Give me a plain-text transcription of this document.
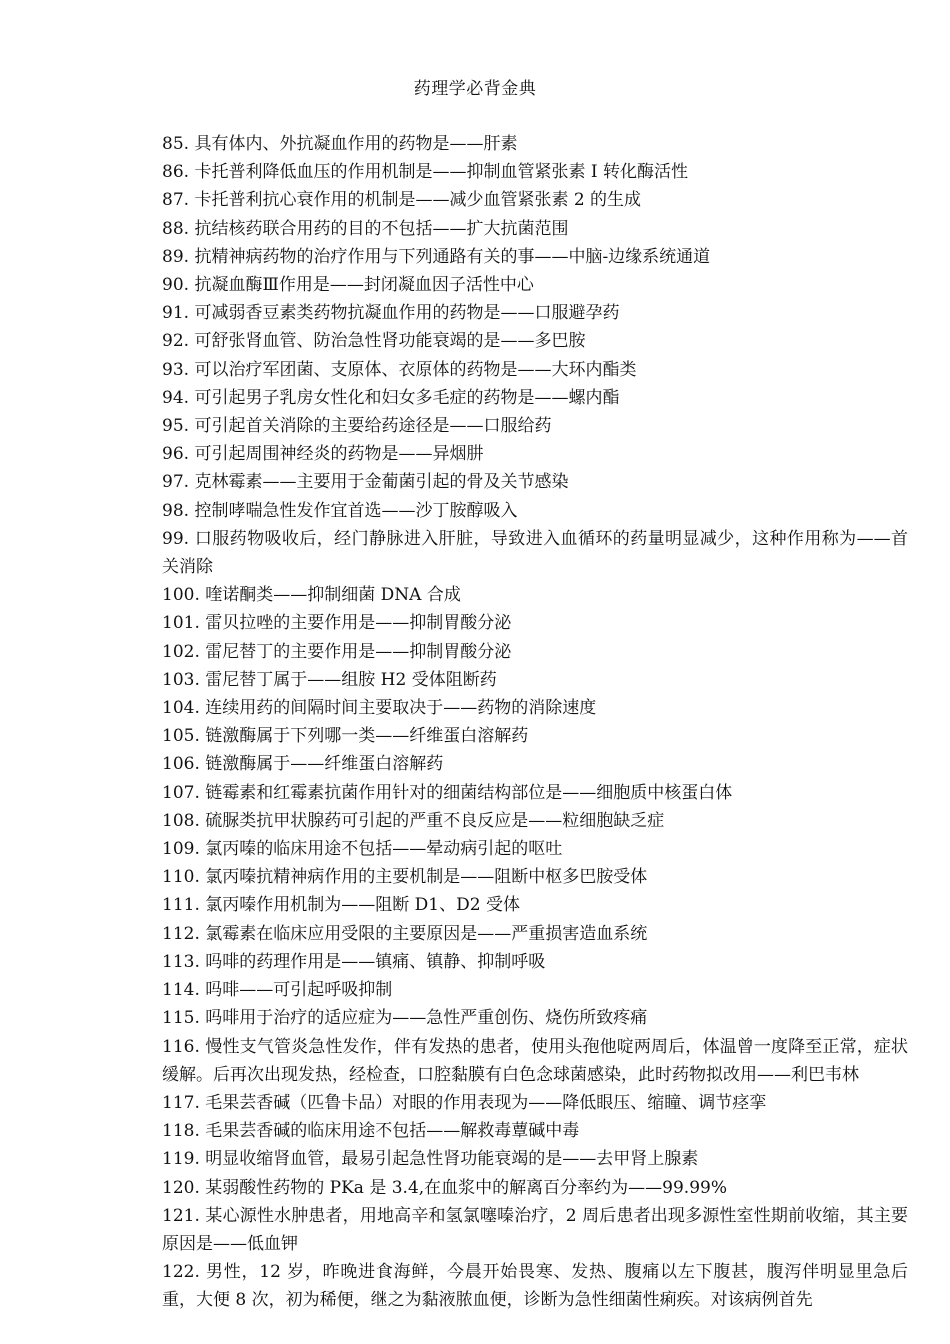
药理学必背金典
85. 具有体内、外抗凝血作用的药物是——肝素
86. 卡托普利降低血压的作用机制是——抑制血管紧张素 I 转化酶活性
87. 卡托普利抗心衰作用的机制是——减少血管紧张素 2 的生成
88. 抗结核药联合用药的目的不包括——扩大抗菌范围
89. 抗精神病药物的治疗作用与下列通路有关的事——中脑-边缘系统通道
90. 抗凝血酶Ⅲ作用是——封闭凝血因子活性中心
91. 可减弱香豆素类药物抗凝血作用的药物是——口服避孕药
92. 可舒张肾血管、防治急性肾功能衰竭的是——多巴胺
93. 可以治疗军团菌、支原体、衣原体的药物是——大环内酯类
94. 可引起男子乳房女性化和妇女多毛症的药物是——螺内酯
95. 可引起首关消除的主要给药途径是——口服给药
96. 可引起周围神经炎的药物是——异烟肼
97. 克林霉素——主要用于金葡菌引起的骨及关节感染
98. 控制哮喘急性发作宜首选——沙丁胺醇吸入
99. 口服药物吸收后，经门静脉进入肝脏，导致进入血循环的药量明显减少，这种作用称为——首关消除
100. 喹诺酮类——抑制细菌 DNA 合成
101. 雷贝拉唑的主要作用是——抑制胃酸分泌
102. 雷尼替丁的主要作用是——抑制胃酸分泌
103. 雷尼替丁属于——组胺 H2 受体阻断药
104. 连续用药的间隔时间主要取决于——药物的消除速度
105. 链激酶属于下列哪一类——纤维蛋白溶解药
106. 链激酶属于——纤维蛋白溶解药
107. 链霉素和红霉素抗菌作用针对的细菌结构部位是——细胞质中核蛋白体
108. 硫脲类抗甲状腺药可引起的严重不良反应是——粒细胞缺乏症
109. 氯丙嗪的临床用途不包括——晕动病引起的呕吐
110. 氯丙嗪抗精神病作用的主要机制是——阻断中枢多巴胺受体
111. 氯丙嗪作用机制为——阻断 D1、D2 受体
112. 氯霉素在临床应用受限的主要原因是——严重损害造血系统
113. 吗啡的药理作用是——镇痛、镇静、抑制呼吸
114. 吗啡——可引起呼吸抑制
115. 吗啡用于治疗的适应症为——急性严重创伤、烧伤所致疼痛
116. 慢性支气管炎急性发作，伴有发热的患者，使用头孢他啶两周后，体温曾一度降至正常，症状缓解。后再次出现发热，经检查，口腔黏膜有白色念球菌感染，此时药物拟改用——利巴韦林
117. 毛果芸香碱（匹鲁卡品）对眼的作用表现为——降低眼压、缩瞳、调节痉挛
118. 毛果芸香碱的临床用途不包括——解救毒蕈碱中毒
119. 明显收缩肾血管，最易引起急性肾功能衰竭的是——去甲肾上腺素
120. 某弱酸性药物的 PKa 是 3.4,在血浆中的解离百分率约为——99.99%
121. 某心源性水肿患者，用地高辛和氢氯噻嗪治疗，2 周后患者出现多源性室性期前收缩，其主要原因是——低血钾
122. 男性，12 岁，昨晚进食海鲜，今晨开始畏寒、发热、腹痛以左下腹甚，腹泻伴明显里急后重，大便 8 次，初为稀便，继之为黏液脓血便，诊断为急性细菌性痢疾。对该病例首先
